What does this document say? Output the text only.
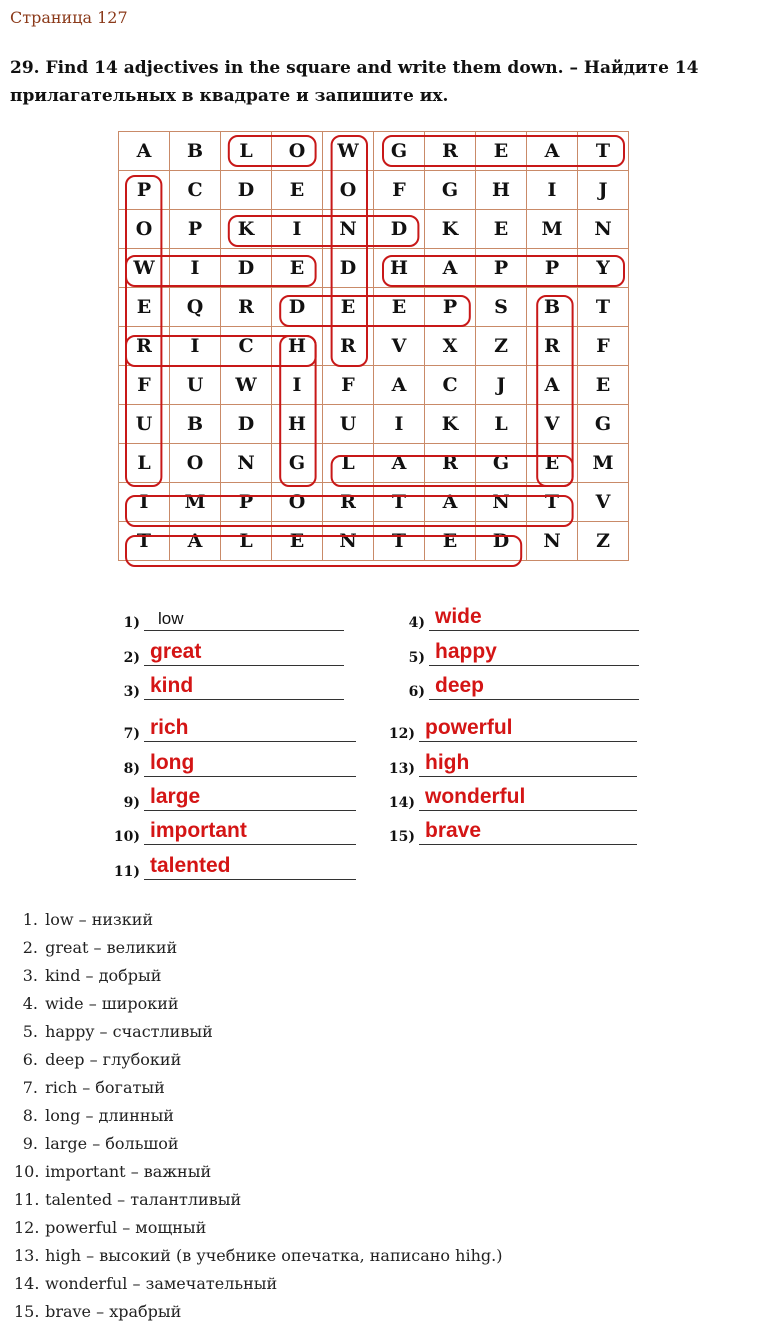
Страница 127
29. Find 14 adjectives in the square and write them down. – Найдите 14 прилагательных в квадрате и запишите их.
A	B	L	O	W	G	R	E	A	T
P	C	D	E	O	F	G	H	I	J
O	P	K	I	N	D	K	E	M	N
W	I	D	E	D	H	A	P	P	Y
E	Q	R	D	E	E	P	S	B	T
R	I	C	H	R	V	X	Z	R	F
F	U	W	I	F	A	C	J	A	E
U	B	D	H	U	I	K	L	V	G
L	O	N	G	L	A	R	G	E	M
I	M	P	O	R	T	A	N	T	V
T	A	L	E	N	T	E	D	N	Z
1) low
2) great
3) kind
4) wide
5) happy
6) deep
7) rich
8) long
9) large
10) important
11) talented
12) powerful
13) high
14) wonderful
15) brave
1. low – низкий
2. great – великий
3. kind – добрый
4. wide – широкий
5. happy – счастливый
6. deep – глубокий
7. rich – богатый
8. long – длинный
9. large – большой
10. important – важный
11. talented – талантливый
12. powerful – мощный
13. high – высокий (в учебнике опечатка, написано hihg.)
14. wonderful – замечательный
15. brave – храбрый
